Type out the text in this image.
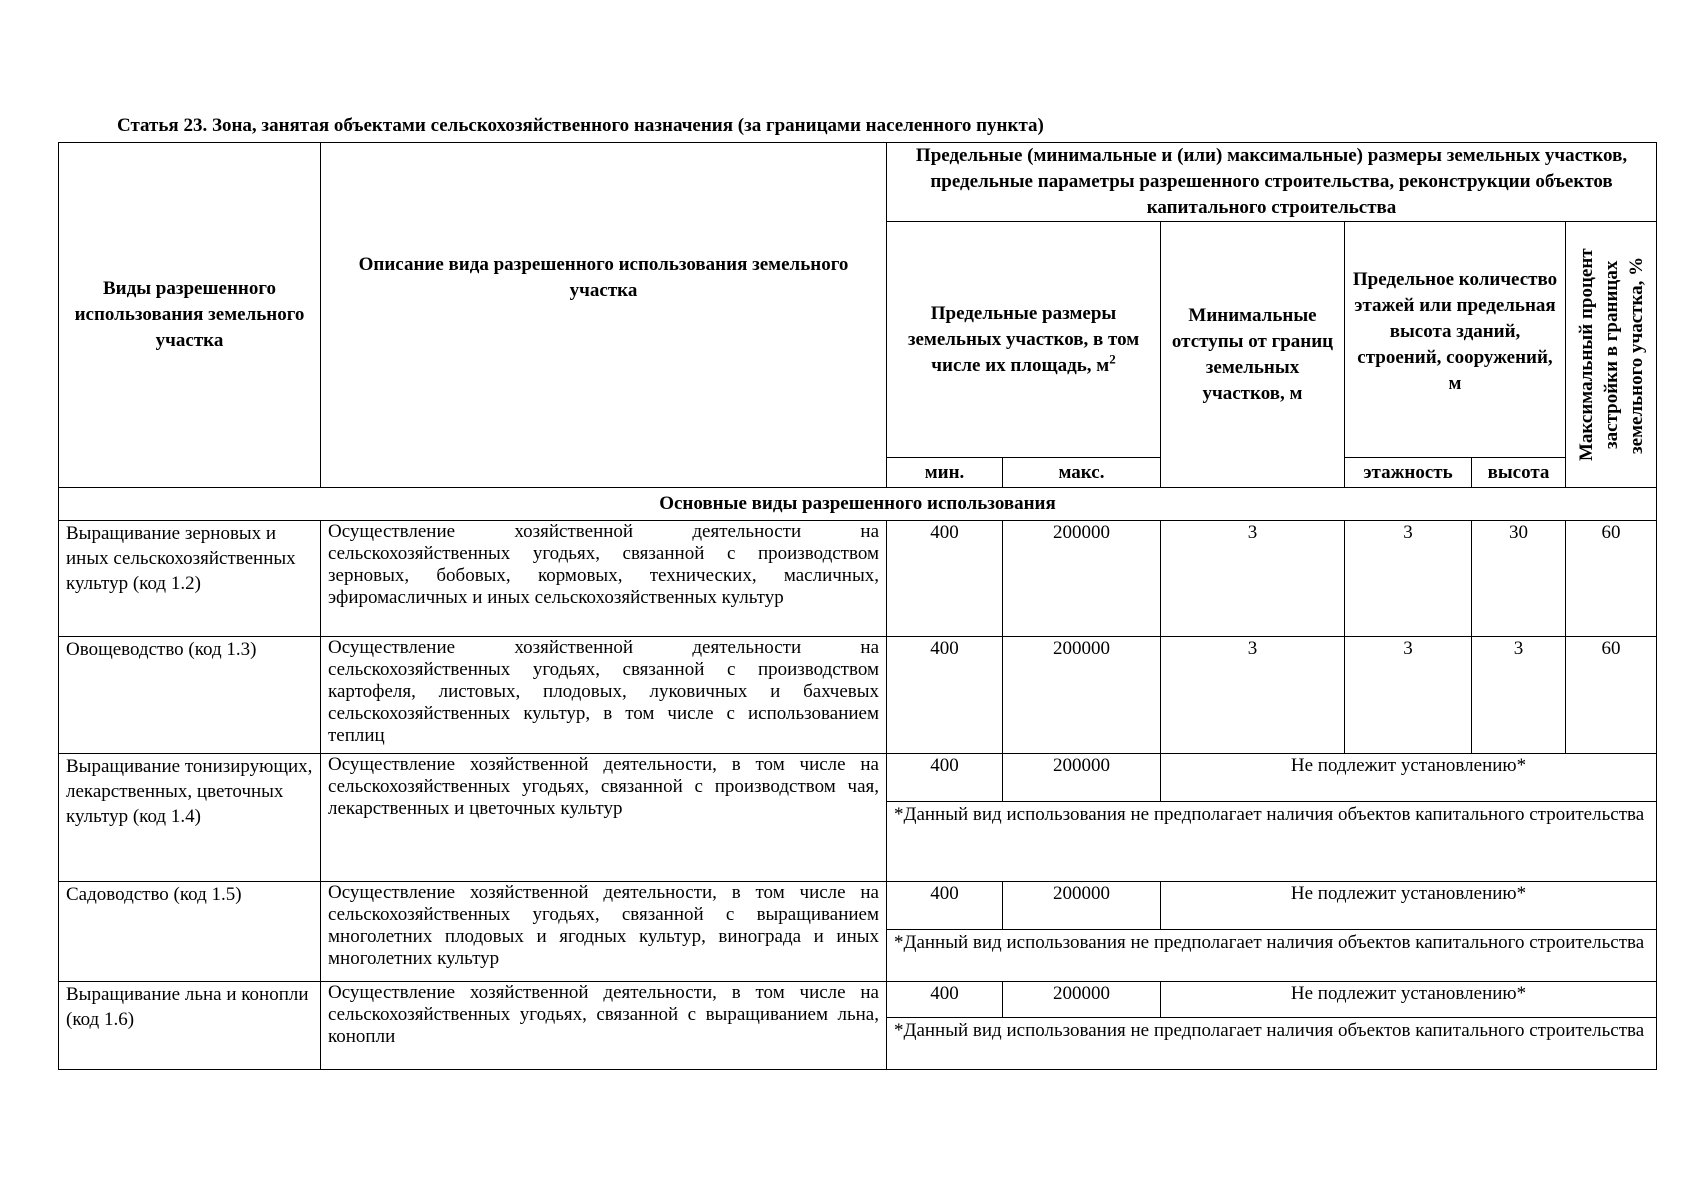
Статья 23. Зона, занятая объектами сельскохозяйственного назначения (за границами населенного пункта)
Виды разрешенного использования земельного участка	Описание вида разрешенного использования земельного участка	Предельные (минимальные и (или) максимальные) размеры земельных участков, предельные параметры разрешенного строительства, реконструкции объектов капитального строительства					
		Предельные размеры земельных участков, в том числе их площадь, $м^2$		Минимальные отступы от границ земельных участков, м	Предельное количество этажей или предельная высота зданий, строений, сооружений, м		Максимальный процент застройки в границах земельного участка, %

		мин.	макс.		этажность	высота	
Основные виды разрешенного использования							
Выращивание зерновых и иных сельскохозяйственных культур (код 1.2)	Осуществление хозяйственной деятельности на сельскохозяйственных угодьях, связанной с производством зерновых, бобовых, кормовых, технических, масличных, эфиромасличных и иных сельскохозяйственных культур	400	200000	3	3	30	60
Овощеводство (код 1.3)	Осуществление хозяйственной деятельности на сельскохозяйственных угодьях, связанной с производством картофеля, листовых, плодовых, луковичных и бахчевых сельскохозяйственных культур, в том числе с использованием теплиц	400	200000	3	3	3	60
Выращивание тонизирующих, лекарственных, цветочных культур (код 1.4)	Осуществление хозяйственной деятельности, в том числе на сельскохозяйственных угодьях, связанной с производством чая, лекарственных и цветочных культур	400	200000	Не подлежит установлению*			
		*Данный вид использования не предполагает наличия объектов капитального строительства					
Садоводство (код 1.5)	Осуществление хозяйственной деятельности, в том числе на сельскохозяйственных угодьях, связанной с выращиванием многолетних плодовых и ягодных культур, винограда и иных многолетних культур	400	200000	Не подлежит установлению*			
		*Данный вид использования не предполагает наличия объектов капитального строительства					
Выращивание льна и конопли (код 1.6)	Осуществление хозяйственной деятельности, в том числе на сельскохозяйственных угодьях, связанной с выращиванием льна, конопли	400	200000	Не подлежит установлению*			
		*Данный вид использования не предполагает наличия объектов капитального строительства					
